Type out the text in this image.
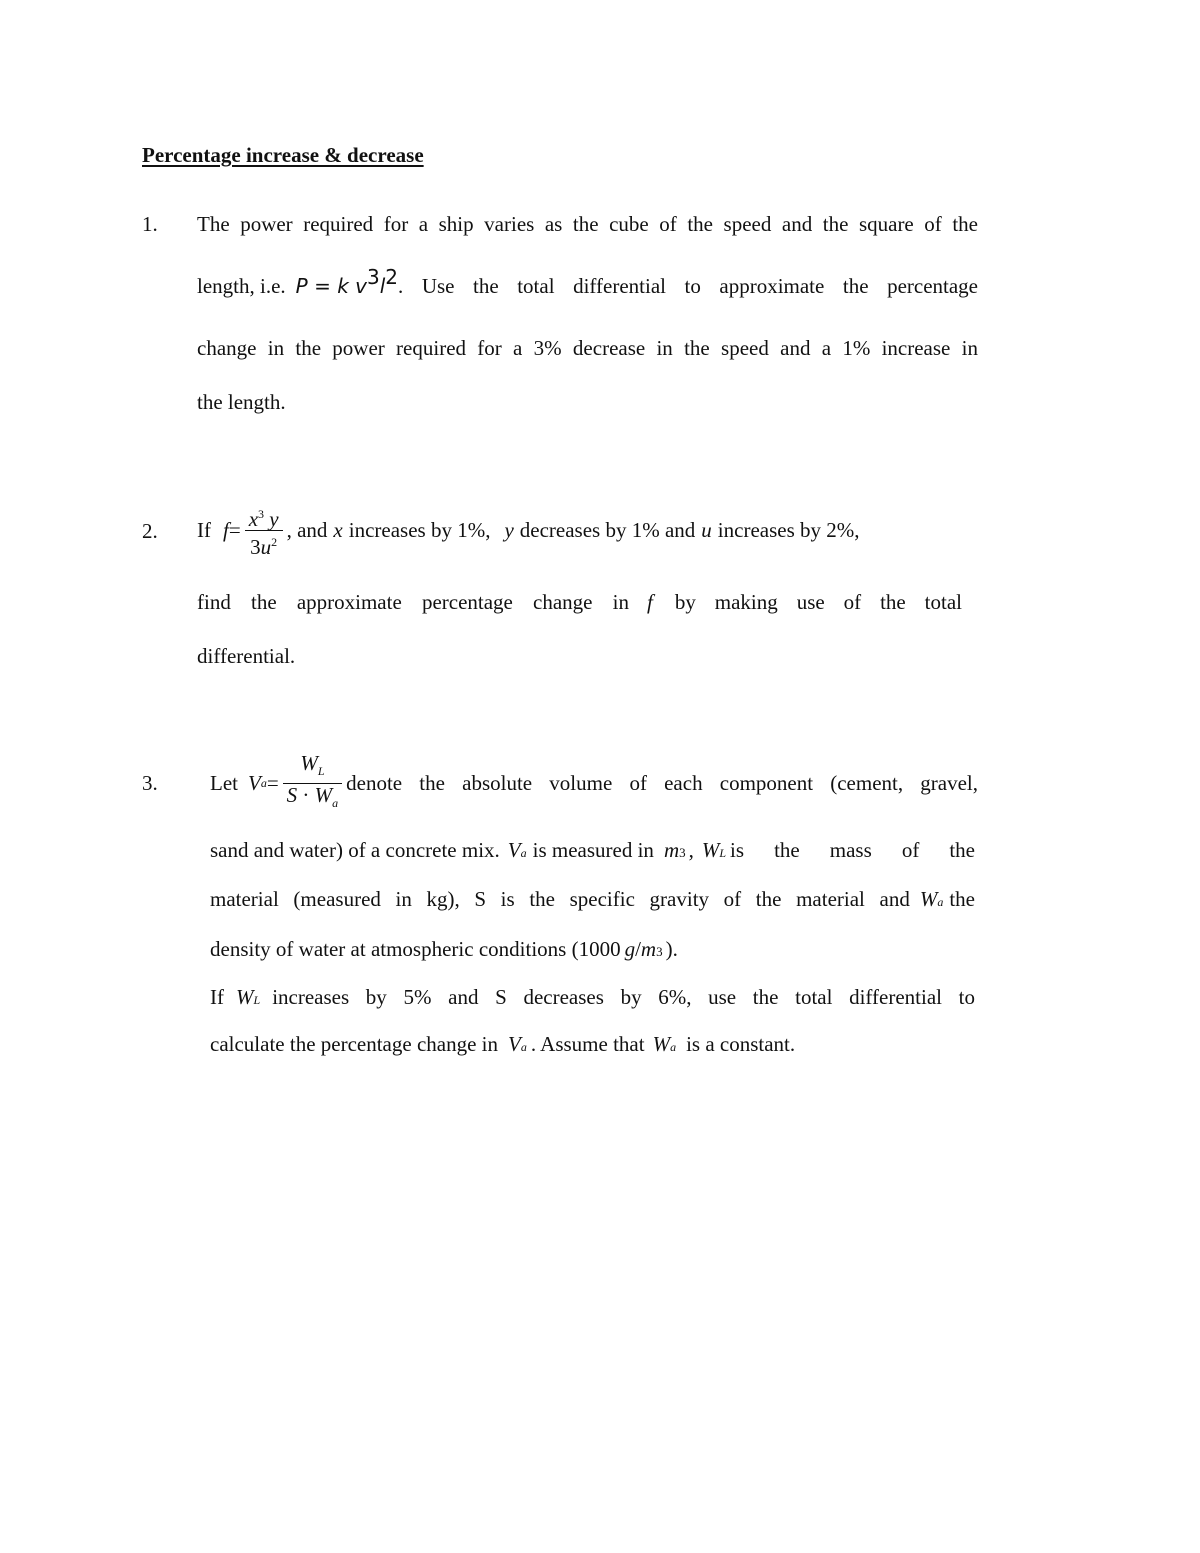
Percentage increase & decrease
1. The power required for a ship varies as the cube of the speed and the square of the
length, i.e. P = k v3l2 . Use the total differential to approximate the percentage
change in the power required for a 3% decrease in the speed and a 1% increase in
the length.
2. If $f = \frac{x^3 y}{3u^2}$ , and x increases by 1%, y decreases by 1% and u increases by 2%,
find the approximate percentage change in f by making use of the total
differential.
3. Let V $a = \frac{W_L}{S \cdot W_a}$ denote the absolute volume of each component (cement, gravel,
sand and water) of a concrete mix. V a is measured in m 3 , W L is the mass of the
material (measured in kg), S is the specific gravity of the material and W a the
density of water at atmospheric conditions (1000 g / m 3 ).
If W L increases by 5% and S decreases by 6%, use the total differential to
calculate the percentage change in V a . Assume that W a is a constant.
